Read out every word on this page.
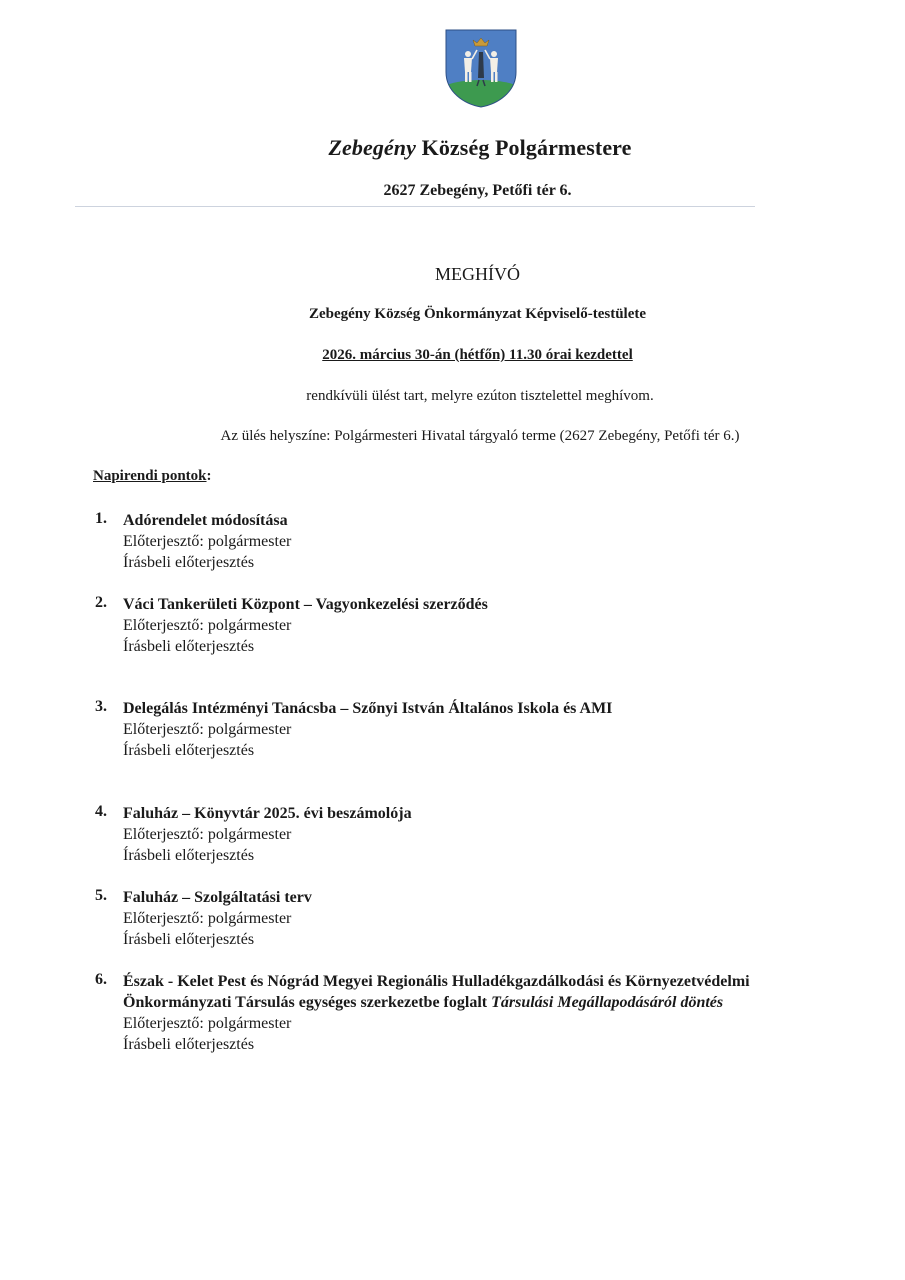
Zebegény Község Polgármestere
2627 Zebegény, Petőfi tér 6.
MEGHÍVÓ
Zebegény Község Önkormányzat Képviselő-testülete
2026. március 30-án (hétfőn) 11.30 órai kezdettel
rendkívüli ülést tart, melyre ezúton tisztelettel meghívom.
Az ülés helyszíne: Polgármesteri Hivatal tárgyaló terme (2627 Zebegény, Petőfi tér 6.)
Napirendi pontok:
1. Adórendelet módosítása
Előterjesztő: polgármester
Írásbeli előterjesztés
2. Váci Tankerületi Központ – Vagyonkezelési szerződés
Előterjesztő: polgármester
Írásbeli előterjesztés
3. Delegálás Intézményi Tanácsba – Szőnyi István Általános Iskola és AMI
Előterjesztő: polgármester
Írásbeli előterjesztés
4. Faluház – Könyvtár 2025. évi beszámolója
Előterjesztő: polgármester
Írásbeli előterjesztés
5. Faluház – Szolgáltatási terv
Előterjesztő: polgármester
Írásbeli előterjesztés
6. Észak - Kelet Pest és Nógrád Megyei Regionális Hulladékgazdálkodási és Környezetvédelmi Önkormányzati Társulás egységes szerkezetbe foglalt Társulási Megállapodásáról döntés
Előterjesztő: polgármester
Írásbeli előterjesztés
